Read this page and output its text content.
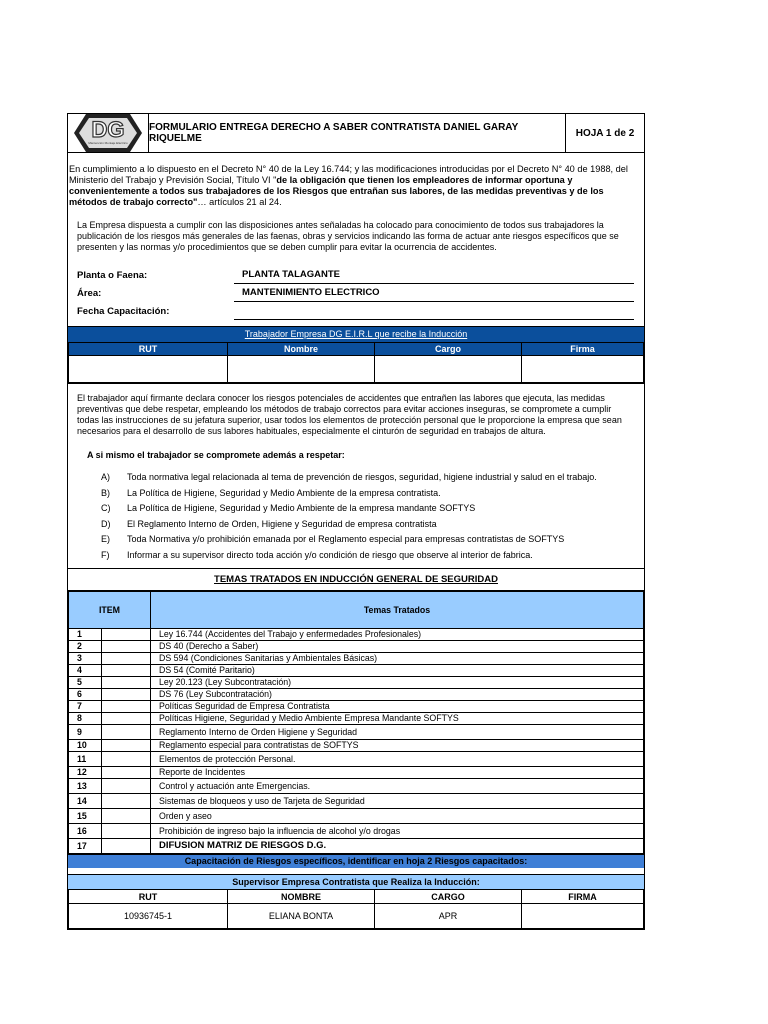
DG
Mantención Montaje Eléctrico
FORMULARIO ENTREGA DERECHO A SABER CONTRATISTA DANIEL GARAY RIQUELME	HOJA 1 de 2
En cumplimiento a lo dispuesto en el Decreto N° 40 de la Ley 16.744; y las modificaciones introducidas por el Decreto N° 40 de 1988, del Ministerio del Trabajo y Previsión Social, Título VI "de la obligación que tienen los empleadores de informar oportuna y convenientemente a todos sus trabajadores de los Riesgos que entrañan sus labores, de las medidas preventivas y de los métodos de trabajo correcto"… artículos 21 al 24.
La Empresa dispuesta a cumplir con las disposiciones antes señaladas ha colocado para conocimiento de todos sus trabajadores la publicación de los riesgos más generales de las faenas, obras y servicios indicando las forma de actuar ante riesgos específicos que se presenten y las normas y/o procedimientos que se deben cumplir para evitar la ocurrencia de accidentes.
Planta o Faena:	PLANTA TALAGANTE
Área:	MANTENIMIENTO ELECTRICO
Fecha Capacitación:
Trabajador Empresa DG E.I.R.L que recibe la Inducción
RUT	Nombre	Cargo	Firma

El trabajador aquí firmante declara conocer los riesgos potenciales de accidentes que entrañen las labores que ejecuta, las medidas preventivas que debe respetar, empleando los métodos de trabajo correctos para evitar acciones inseguras, se compromete a cumplir todas las instrucciones de su jefatura superior, usar todos los elementos de protección personal que le proporcione la empresa que sean necesarios para el desarrollo de sus labores habituales, especialmente el cinturón de seguridad en trabajos de altura.
A si mismo el trabajador se compromete además a respetar:
A)	Toda normativa legal relacionada al tema de prevención de riesgos, seguridad, higiene industrial y salud en el trabajo.
B)	La Política de Higiene, Seguridad y Medio Ambiente de la empresa contratista.
C)	La Política de Higiene, Seguridad y Medio Ambiente de la empresa mandante SOFTYS
D)	El Reglamento Interno de Orden, Higiene y Seguridad de empresa contratista
E)	Toda Normativa y/o prohibición emanada por el Reglamento especial para empresas contratistas de SOFTYS
F)	Informar a su supervisor directo toda acción y/o condición de riesgo que observe al interior de fabrica.
TEMAS TRATADOS EN INDUCCIÓN GENERAL DE SEGURIDAD
ITEM		Temas Tratados
1		Ley 16.744 (Accidentes del Trabajo y enfermedades Profesionales)
2		DS 40 (Derecho a Saber)
3		DS 594 (Condiciones Sanitarias y Ambientales Básicas)
4		DS 54 (Comité Paritario)
5		Ley 20.123 (Ley Subcontratación)
6		DS 76 (Ley Subcontratación)
7		Políticas Seguridad de Empresa Contratista
8		Políticas Higiene, Seguridad y Medio Ambiente Empresa Mandante SOFTYS
9		Reglamento Interno de Orden Higiene y Seguridad
10		Reglamento especial para contratistas de SOFTYS
11		Elementos de protección Personal.
12		Reporte de Incidentes
13		Control y actuación ante Emergencias.
14		Sistemas de bloqueos y uso de Tarjeta de Seguridad
15		Orden y aseo
16		Prohibición de ingreso bajo la influencia de alcohol y/o drogas
17		DIFUSION MATRIZ DE RIESGOS D.G.
Capacitación de Riesgos específicos, identificar en hoja 2 Riesgos capacitados:
Supervisor Empresa Contratista que Realiza la Inducción:
RUT	NOMBRE	CARGO	FIRMA
10936745-1	ELIANA BONTA	APR	
